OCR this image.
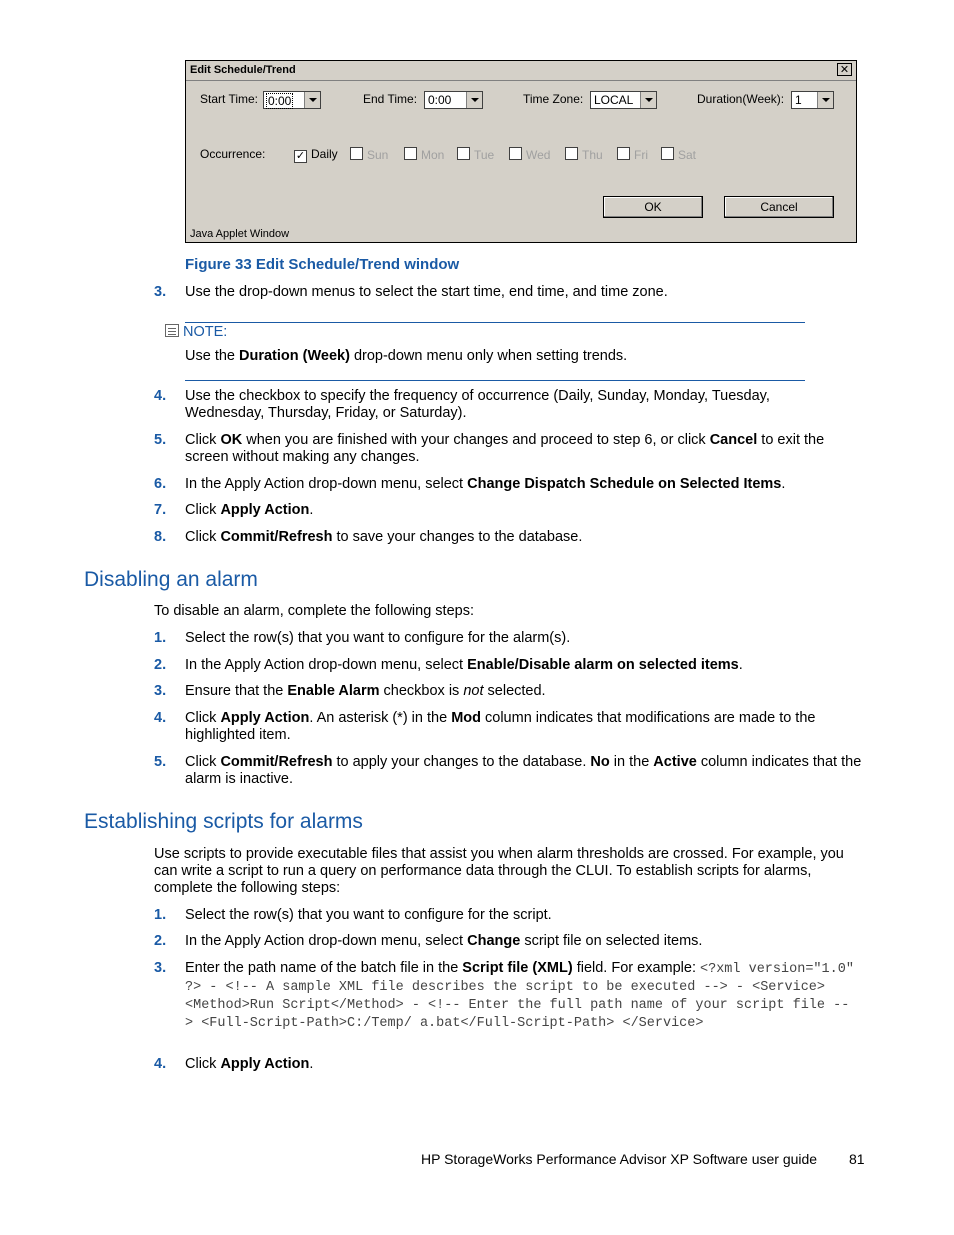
Edit Schedule/Trend	✕
Start Time: 0:00	End Time: 0:00	Time Zone: LOCAL	Duration(Week): 1
Occurrence:	✓ Daily	Sun	Mon	Tue	Wed	Thu	Fri	Sat
OK	Cancel
Java Applet Window
Figure 33 Edit Schedule/Trend window
3. Use the drop-down menus to select the start time, end time, and time zone.
NOTE:
Use the Duration (Week) drop-down menu only when setting trends.
4. Use the checkbox to specify the frequency of occurrence (Daily, Sunday, Monday, Tuesday, Wednesday, Thursday, Friday, or Saturday).
5. Click OK when you are finished with your changes and proceed to step 6, or click Cancel to exit the screen without making any changes.
6. In the Apply Action drop-down menu, select Change Dispatch Schedule on Selected Items.
7. Click Apply Action.
8. Click Commit/Refresh to save your changes to the database.
Disabling an alarm
To disable an alarm, complete the following steps:
1. Select the row(s) that you want to configure for the alarm(s).
2. In the Apply Action drop-down menu, select Enable/Disable alarm on selected items.
3. Ensure that the Enable Alarm checkbox is not selected.
4. Click Apply Action. An asterisk (*) in the Mod column indicates that modifications are made to the highlighted item.
5. Click Commit/Refresh to apply your changes to the database. No in the Active column indicates that the alarm is inactive.
Establishing scripts for alarms
Use scripts to provide executable files that assist you when alarm thresholds are crossed. For example, you can write a script to run a query on performance data through the CLUI. To establish scripts for alarms, complete the following steps:
1. Select the row(s) that you want to configure for the script.
2. In the Apply Action drop-down menu, select Change script file on selected items.
3. Enter the path name of the batch file in the Script file (XML) field. For example: <?xml version="1.0" ?> - <!-- A sample XML file describes the script to be executed --> - <Service> <Method>Run Script</Method> - <!-- Enter the full path name of your script file --> <Full-Script-Path>C:/Temp/ a.bat</Full-Script-Path> </Service>
4. Click Apply Action.
HP StorageWorks Performance Advisor XP Software user guide 81
